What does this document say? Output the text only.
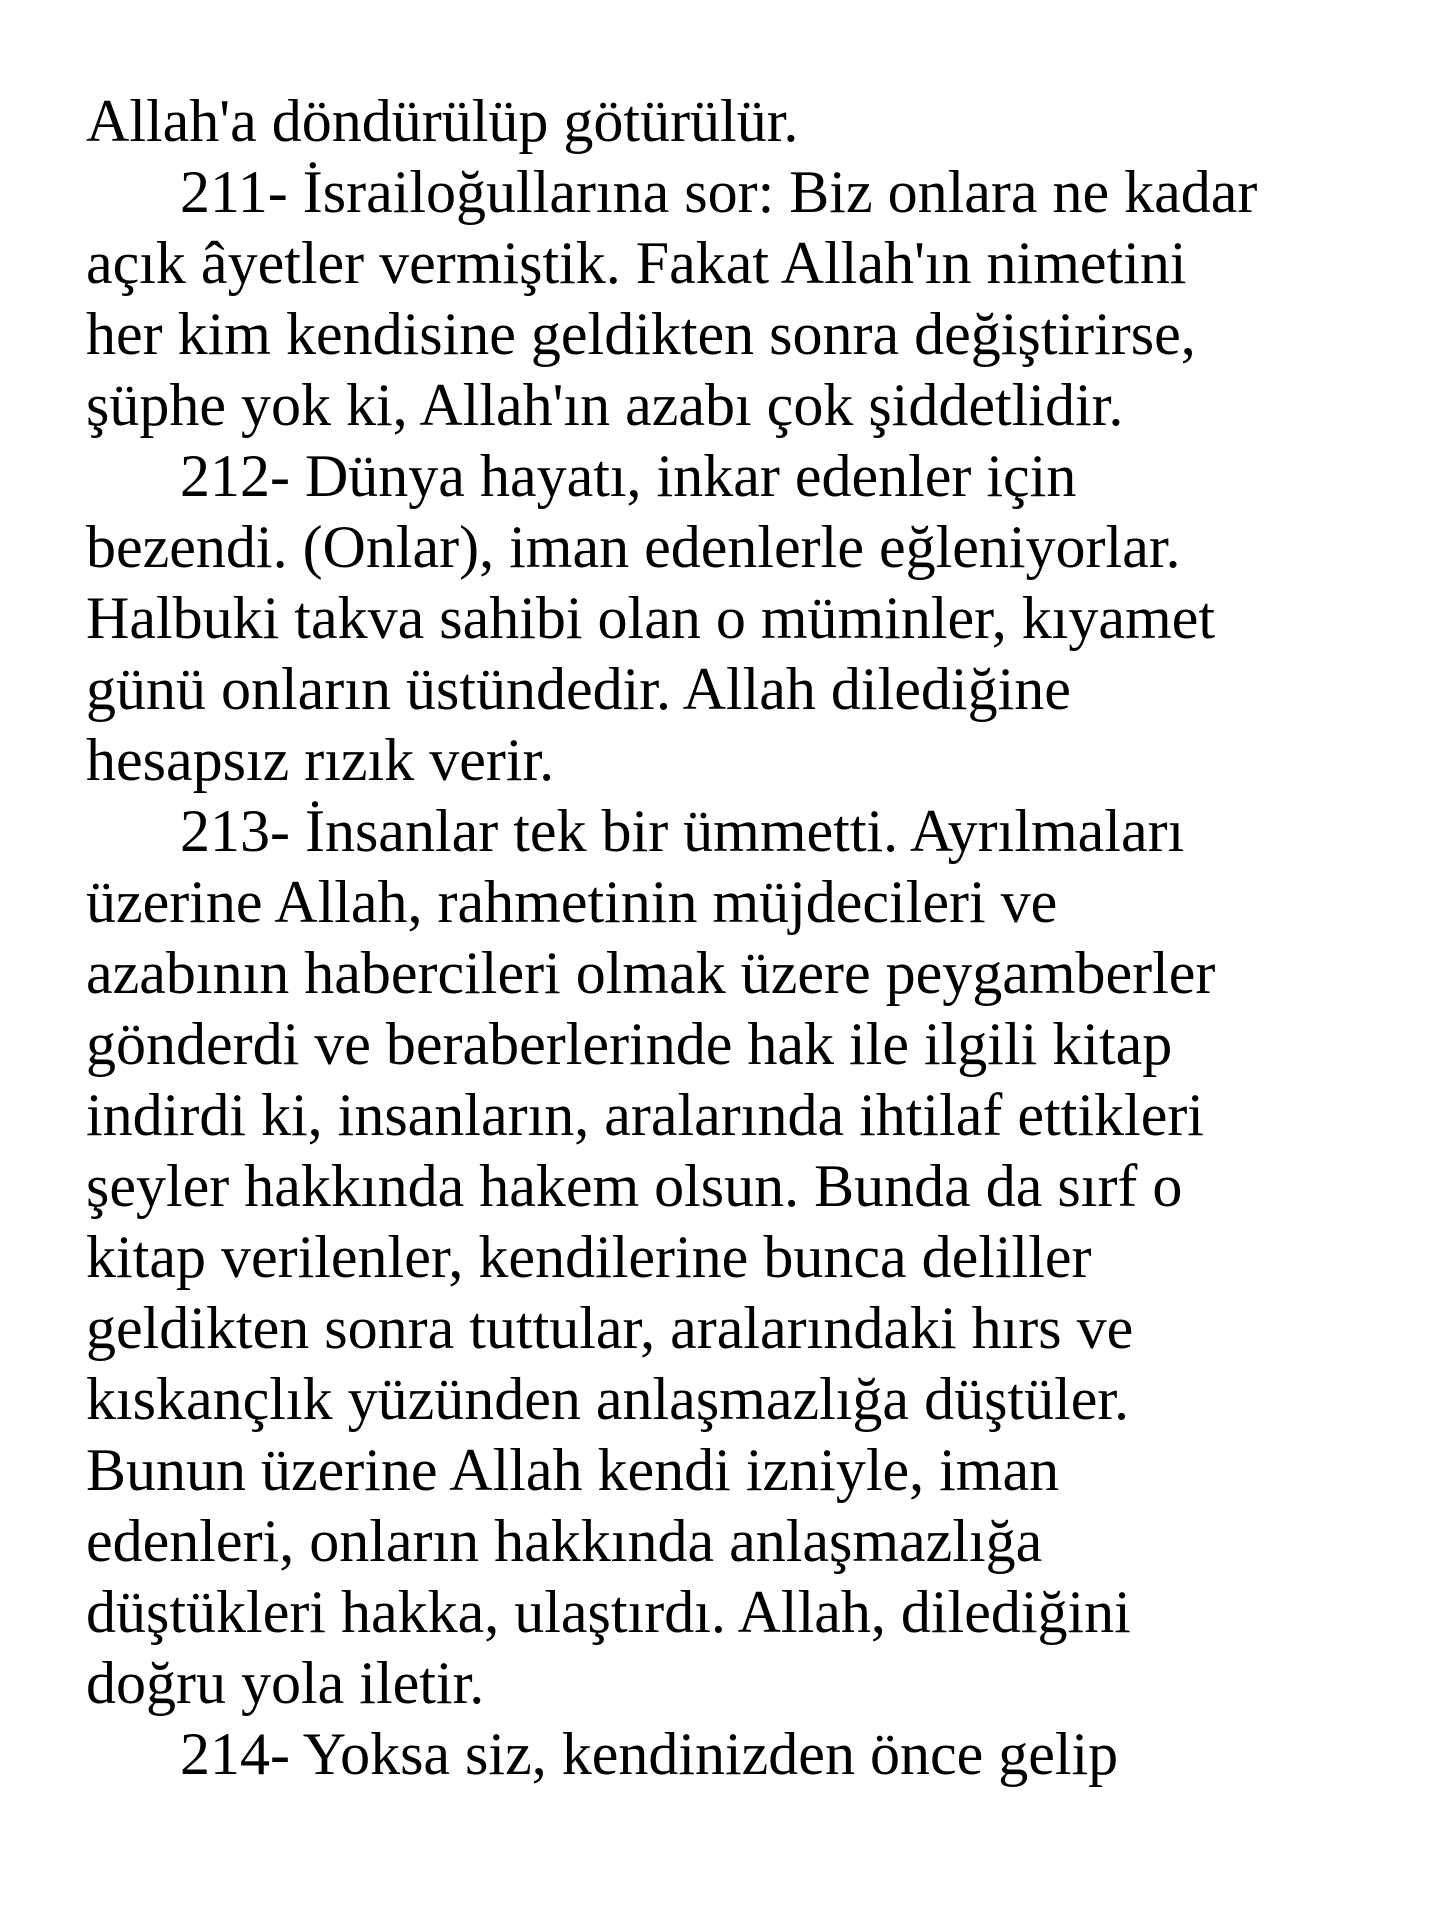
Allah'a döndürülüp götürülür.
211- İsrailoğullarına sor: Biz onlara ne kadar
açık âyetler vermiştik. Fakat Allah'ın nimetini
her kim kendisine geldikten sonra değiştirirse,
şüphe yok ki, Allah'ın azabı çok şiddetlidir.
212- Dünya hayatı, inkar edenler için
bezendi. (Onlar), iman edenlerle eğleniyorlar.
Halbuki takva sahibi olan o müminler, kıyamet
günü onların üstündedir. Allah dilediğine
hesapsız rızık verir.
213- İnsanlar tek bir ümmetti. Ayrılmaları
üzerine Allah, rahmetinin müjdecileri ve
azabının habercileri olmak üzere peygamberler
gönderdi ve beraberlerinde hak ile ilgili kitap
indirdi ki, insanların, aralarında ihtilaf ettikleri
şeyler hakkında hakem olsun. Bunda da sırf o
kitap verilenler, kendilerine bunca deliller
geldikten sonra tuttular, aralarındaki hırs ve
kıskançlık yüzünden anlaşmazlığa düştüler.
Bunun üzerine Allah kendi izniyle, iman
edenleri, onların hakkında anlaşmazlığa
düştükleri hakka, ulaştırdı. Allah, dilediğini
doğru yola iletir.
214- Yoksa siz, kendinizden önce gelip
